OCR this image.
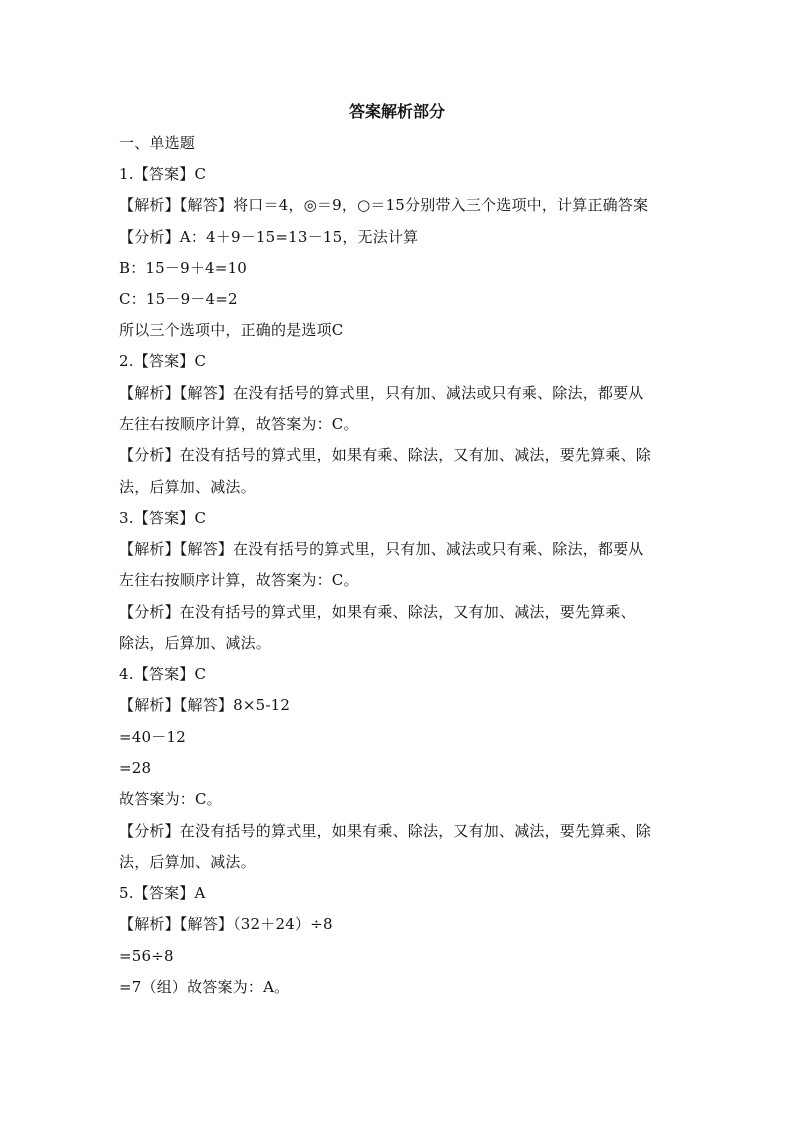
答案解析部分
一、单选题
1.【答案】C
【解析】【解答】将口＝4，◎＝9，○＝15分别带入三个选项中，计算正确答案
【分析】A：4＋9－15=13－15，无法计算
B：15－9＋4=10
C：15－9－4=2
所以三个选项中，正确的是选项C
2.【答案】C
【解析】【解答】在没有括号的算式里，只有加、减法或只有乘、除法，都要从
左往右按顺序计算，故答案为：C。
【分析】在没有括号的算式里，如果有乘、除法，又有加、减法，要先算乘、除
法，后算加、减法。
3.【答案】C
【解析】【解答】在没有括号的算式里，只有加、减法或只有乘、除法，都要从
左往右按顺序计算，故答案为：C。
【分析】在没有括号的算式里，如果有乘、除法，又有加、减法，要先算乘、
除法，后算加、减法。
4.【答案】C
【解析】【解答】8×5-12
=40－12
=28
故答案为：C。
【分析】在没有括号的算式里，如果有乘、除法，又有加、减法，要先算乘、除
法，后算加、减法。
5.【答案】A
【解析】【解答】（32＋24）÷8
=56÷8
=7（组）故答案为：A。
